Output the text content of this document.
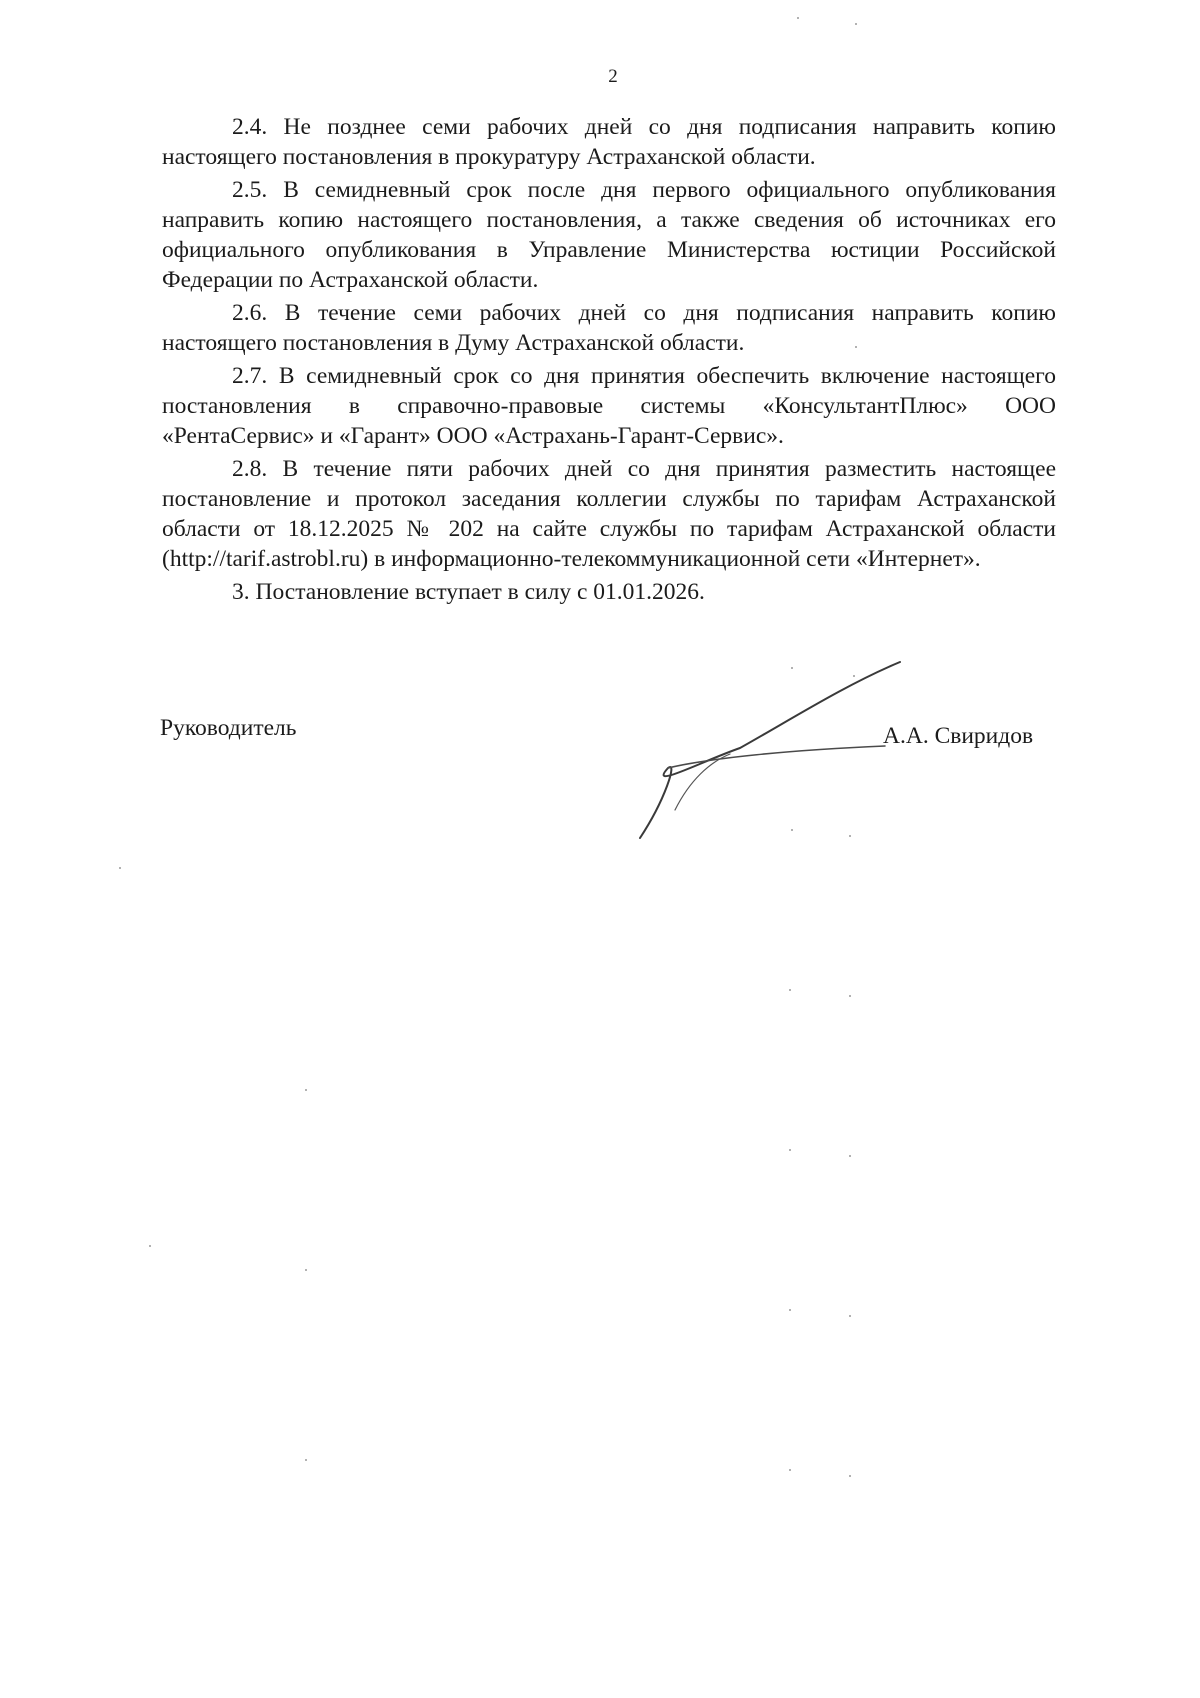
2

2.4. Не позднее семи рабочих дней со дня подписания направить копию настоящего постановления в прокуратуру Астраханской области.

2.5. В семидневный срок после дня первого официального опубликования направить копию настоящего постановления, а также сведения об источниках его официального опубликования в Управление Министерства юстиции Российской Федерации по Астраханской области.

2.6. В течение семи рабочих дней со дня подписания направить копию настоящего постановления в Думу Астраханской области.

2.7. В семидневный срок со дня принятия обеспечить включение настоящего постановления в справочно-правовые системы «КонсультантПлюс» ООО «РентаСервис» и «Гарант» ООО «Астрахань-Гарант-Сервис».

2.8. В течение пяти рабочих дней со дня принятия разместить настоящее постановление и протокол заседания коллегии службы по тарифам Астраханской области от 18.12.2025 № 202 на сайте службы по тарифам Астраханской области (http://tarif.astrobl.ru) в информационно-телекоммуникационной сети «Интернет».

3. Постановление вступает в силу с 01.01.2026.

Руководитель	А.А. Свиридов
